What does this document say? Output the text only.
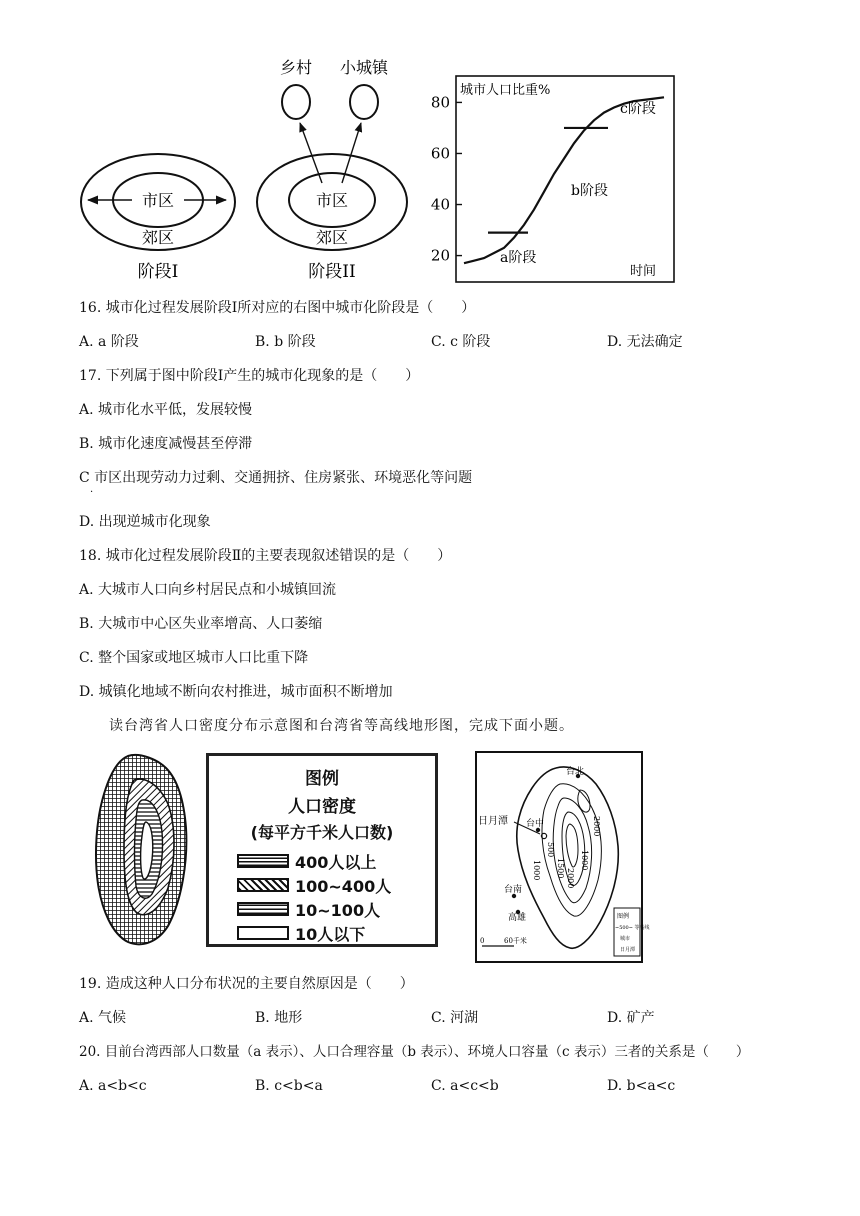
市区
郊区
阶段I
乡村 小城镇
市区
郊区
阶段II
城市人口比重%
时间
80
60
40
20
c阶段
b阶段
a阶段
16. 城市化过程发展阶段Ⅰ所对应的右图中城市化阶段是（　　）
A. a 阶段	B. b 阶段	C. c 阶段	D. 无法确定
17. 下列属于图中阶段Ⅰ产生的城市化现象的是（　　）
A. 城市化水平低，发展较慢
B. 城市化速度减慢甚至停滞
C 市区出现劳动力过剩、交通拥挤、住房紧张、环境恶化等问题
·
D. 出现逆城市化现象
18. 城市化过程发展阶段Ⅱ的主要表现叙述错误的是（　　）
A. 大城市人口向乡村居民点和小城镇回流
B. 大城市中心区失业率增高、人口萎缩
C. 整个国家或地区城市人口比重下降
D. 城镇化地域不断向农村推进，城市面积不断增加
读台湾省人口密度分布示意图和台湾省等高线地形图，完成下面小题。
图例
人口密度
(每平方千米人口数)
400人以上
100~400人
10~100人
10人以下
台北
台中
日月潭
台南
高雄
500
1500
2000
2000
1000	1000
0	60千米
图例
~500~ 等高线
城市
日月潭
19. 造成这种人口分布状况的主要自然原因是（　　）
A. 气候	B. 地形	C. 河湖	D. 矿产
20. 目前台湾西部人口数量（a 表示）、人口合理容量（b 表示）、环境人口容量（c 表示）三者的关系是（　　）
A. a<b<c	B. c<b<a	C. a<c<b	D. b<a<c
